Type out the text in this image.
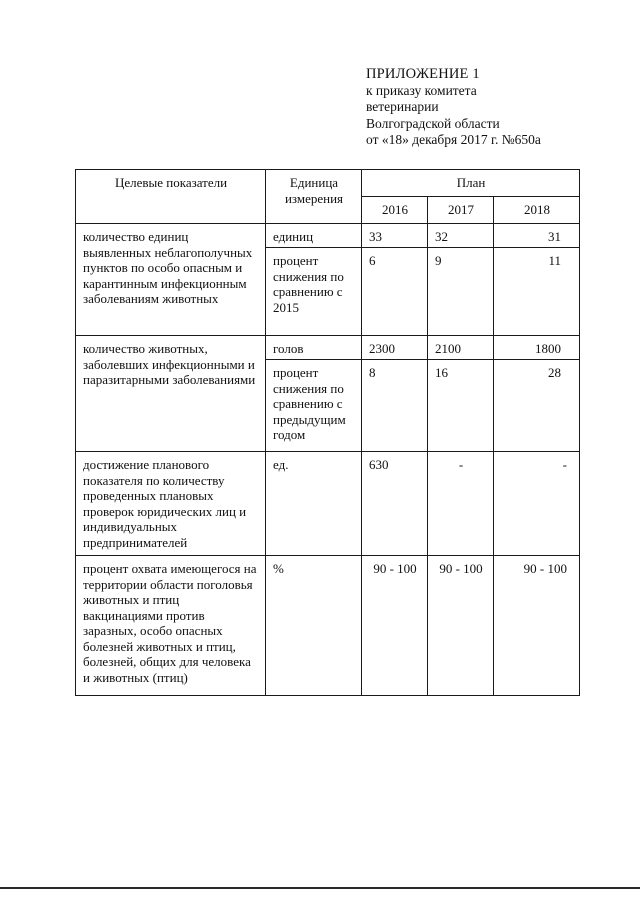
ПРИЛОЖЕНИЕ 1
к приказу комитета
ветеринарии
Волгоградской области
от «18» декабря 2017 г. №650а
Целевые показатели	Единица измерения	План		
		2016	2017	2018
количество единиц выявленных неблагополучных пунктов по особо опасным и карантинным инфекционным заболеваниям животных	единиц	33	32	31
	процент снижения по сравнению с 2015	6	9	11
количество животных, заболевших инфекционными и паразитарными заболеваниями	голов	2300	2100	1800
	процент снижения по сравнению с предыдущим годом	8	16	28
достижение планового показателя по количеству проведенных плановых проверок юридических лиц и индивидуальных предпринимателей	ед.	630	-	-
процент охвата имеющегося на территории области поголовья животных и птиц вакцинациями против заразных, особо опасных болезней животных и птиц, болезней, общих для человека и животных (птиц)	%	90 - 100	90 - 100	90 - 100
